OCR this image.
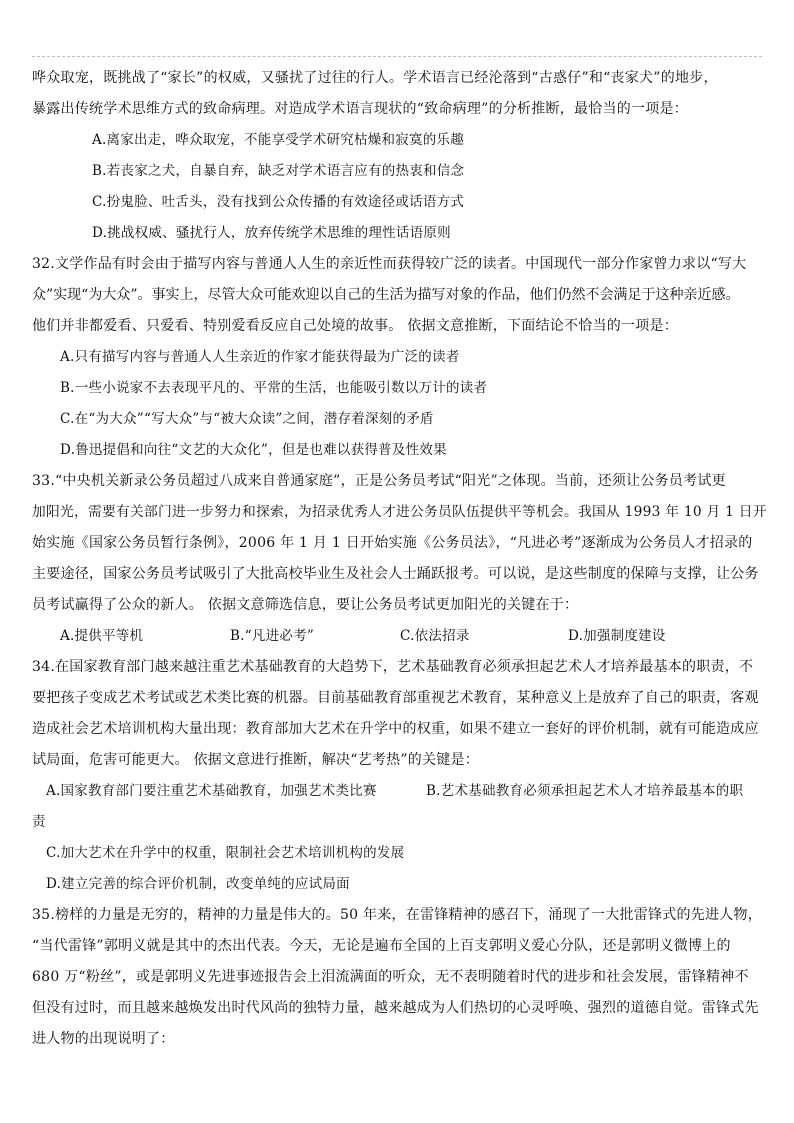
哗众取宠，既挑战了“家长”的权威，又骚扰了过往的行人。学术语言已经沦落到“古惑仔”和“丧家犬”的地步，

暴露出传统学术思维方式的致命病理。对造成学术语言现状的“致命病理”的分析推断，最恰当的一项是：

A.离家出走，哗众取宠，不能享受学术研究枯燥和寂寞的乐趣

B.若丧家之犬，自暴自弃，缺乏对学术语言应有的热衷和信念

C.扮鬼脸、吐舌头，没有找到公众传播的有效途径或话语方式

D.挑战权威、骚扰行人，放弃传统学术思维的理性话语原则

32.文学作品有时会由于描写内容与普通人人生的亲近性而获得较广泛的读者。中国现代一部分作家曾力求以“写大

众”实现“为大众”。事实上，尽管大众可能欢迎以自己的生活为描写对象的作品，他们仍然不会满足于这种亲近感。

他们并非都爱看、只爱看、特别爱看反应自己处境的故事。 依据文意推断，下面结论不恰当的一项是：

A.只有描写内容与普通人人生亲近的作家才能获得最为广泛的读者

B.一些小说家不去表现平凡的、平常的生活，也能吸引数以万计的读者

C.在“为大众”“写大众”与“被大众读”之间，潜存着深刻的矛盾

D.鲁迅提倡和向往“文艺的大众化”，但是也难以获得普及性效果

33.“中央机关新录公务员超过八成来自普通家庭”，正是公务员考试“阳光”之体现。当前，还须让公务员考试更

加阳光，需要有关部门进一步努力和探索，为招录优秀人才进公务员队伍提供平等机会。我国从 1993 年 10 月 1 日开

始实施《国家公务员暂行条例》，2006 年 1 月 1 日开始实施《公务员法》，“凡进必考”逐渐成为公务员人才招录的

主要途径，国家公务员考试吸引了大批高校毕业生及社会人士踊跃报考。可以说，是这些制度的保障与支撑，让公务

员考试赢得了公众的新人。 依据文意筛选信息，要让公务员考试更加阳光的关键在于：

A.提供平等机	B.“凡进必考”	C.依法招录	D.加强制度建设

34.在国家教育部门越来越注重艺术基础教育的大趋势下，艺术基础教育必须承担起艺术人才培养最基本的职责，不

要把孩子变成艺术考试或艺术类比赛的机器。目前基础教育部重视艺术教育，某种意义上是放弃了自己的职责，客观

造成社会艺术培训机构大量出现：教育部加大艺术在升学中的权重，如果不建立一套好的评价机制，就有可能造成应

试局面，危害可能更大。 依据文意进行推断，解决“艺考热”的关键是：

A.国家教育部门要注重艺术基础教育，加强艺术类比赛	B.艺术基础教育必须承担起艺术人才培养最基本的职

责

C.加大艺术在升学中的权重，限制社会艺术培训机构的发展

D.建立完善的综合评价机制，改变单纯的应试局面

35.榜样的力量是无穷的，精神的力量是伟大的。50 年来，在雷锋精神的感召下，涌现了一大批雷锋式的先进人物，

“当代雷锋”郭明义就是其中的杰出代表。今天，无论是遍布全国的上百支郭明义爱心分队，还是郭明义微博上的

680 万“粉丝”，或是郭明义先进事迹报告会上泪流满面的听众，无不表明随着时代的进步和社会发展，雷锋精神不

但没有过时，而且越来越焕发出时代风尚的独特力量，越来越成为人们热切的心灵呼唤、强烈的道德自觉。雷锋式先

进人物的出现说明了：
